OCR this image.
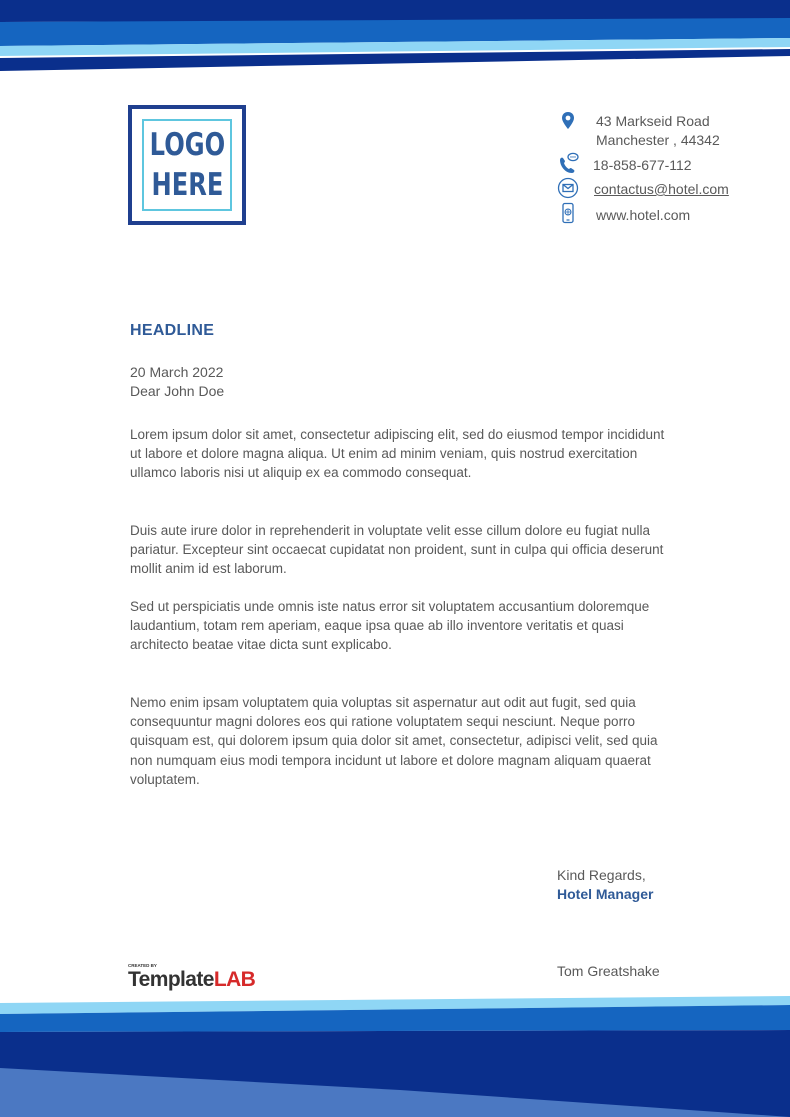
LOGO
HERE
43 Markseid Road
Manchester , 44342
18-858-677-112
contactus@hotel.com
www.hotel.com
HEADLINE
20 March 2022
Dear John Doe
Lorem ipsum dolor sit amet, consectetur adipiscing elit, sed do eiusmod tempor incididunt ut labore et dolore magna aliqua. Ut enim ad minim veniam, quis nostrud exercitation ullamco laboris nisi ut aliquip ex ea commodo consequat.
Duis aute irure dolor in reprehenderit in voluptate velit esse cillum dolore eu fugiat nulla pariatur. Excepteur sint occaecat cupidatat non proident, sunt in culpa qui officia deserunt mollit anim id est laborum.
Sed ut perspiciatis unde omnis iste natus error sit voluptatem accusantium doloremque laudantium, totam rem aperiam, eaque ipsa quae ab illo inventore veritatis et quasi architecto beatae vitae dicta sunt explicabo.
Nemo enim ipsam voluptatem quia voluptas sit aspernatur aut odit aut fugit, sed quia consequuntur magni dolores eos qui ratione voluptatem sequi nesciunt. Neque porro quisquam est, qui dolorem ipsum quia dolor sit amet, consectetur, adipisci velit, sed quia non numquam eius modi tempora incidunt ut labore et dolore magnam aliquam quaerat voluptatem.
Kind Regards,
Hotel Manager
Tom Greatshake
CREATED BY
TemplateLAB
